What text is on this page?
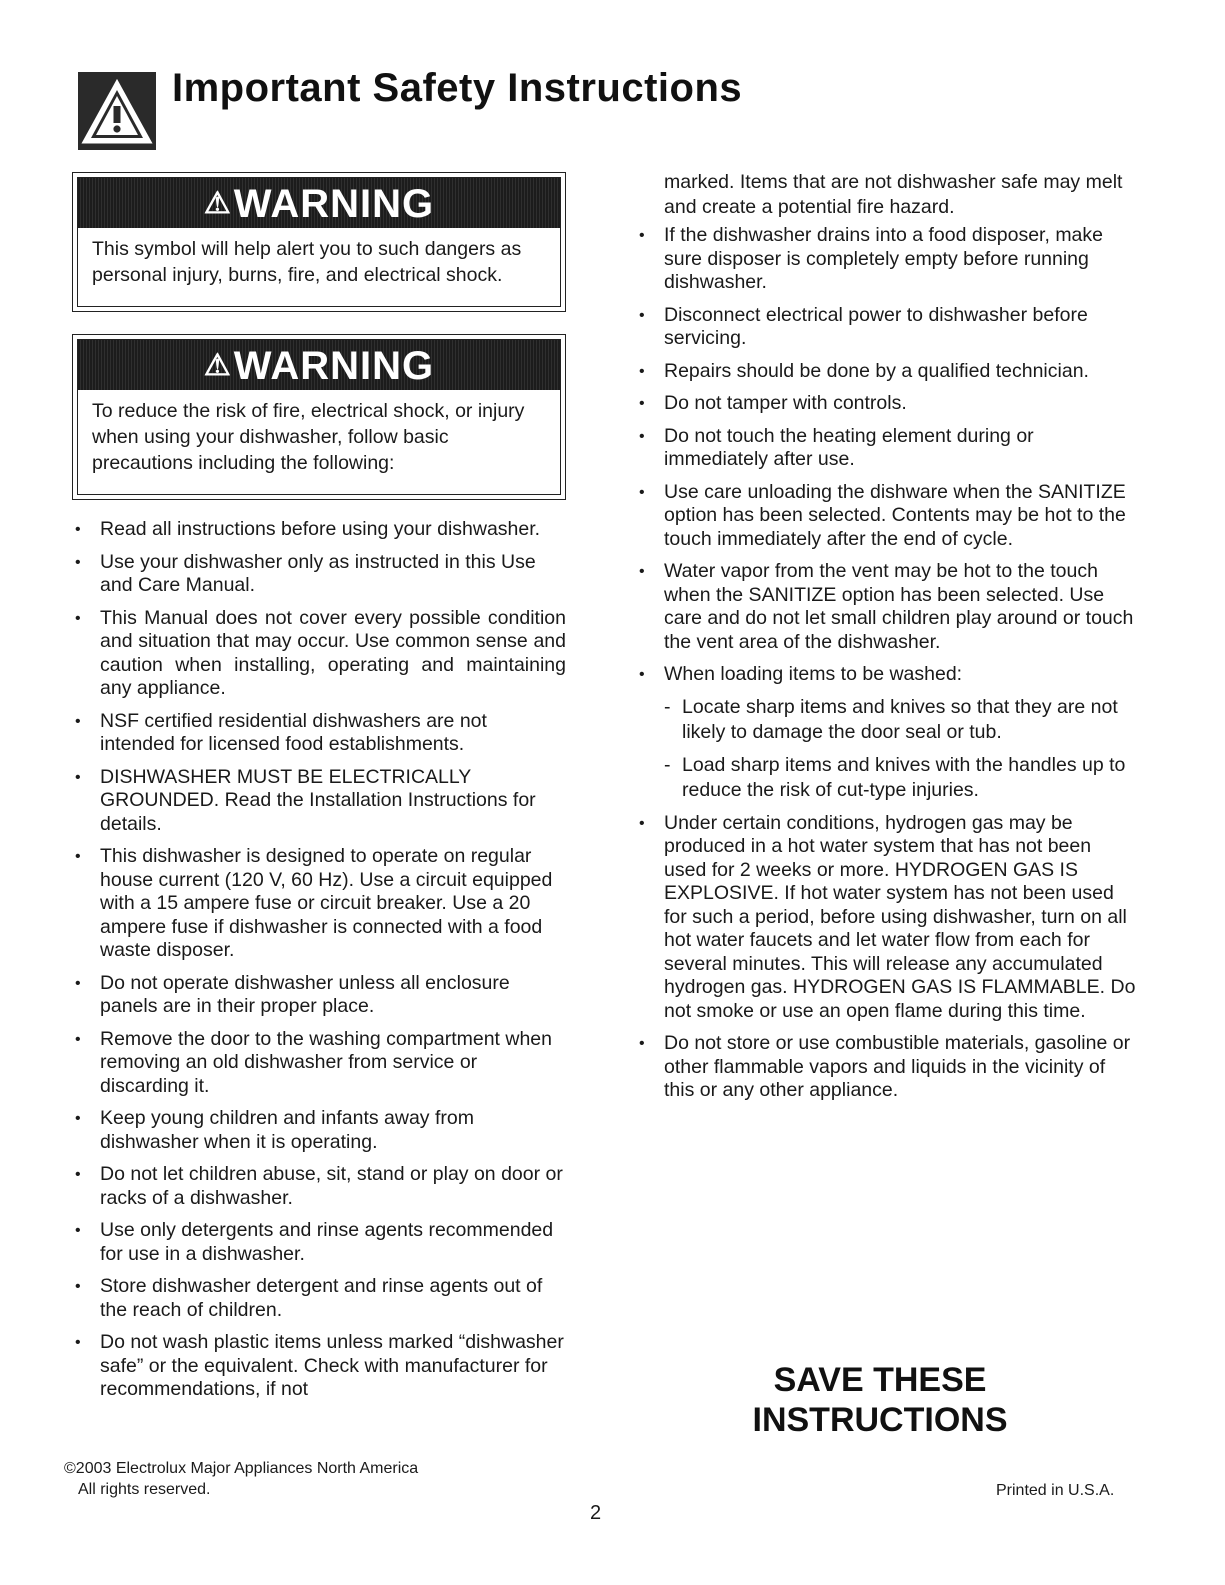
Important Safety Instructions
⚠WARNING
This symbol will help alert you to such dangers as personal injury, burns, fire, and electrical shock.
⚠WARNING
To reduce the risk of fire, electrical shock, or injury when using your dishwasher, follow basic precautions including the following:
• Read all instructions before using your dishwasher.
• Use your dishwasher only as instructed in this Use and Care Manual.
• This Manual does not cover every possible condition and situation that may occur. Use common sense and caution when installing, operating and maintaining any appliance.
• NSF certified residential dishwashers are not intended for licensed food establishments.
• DISHWASHER MUST BE ELECTRICALLY GROUNDED. Read the Installation Instructions for details.
• This dishwasher is designed to operate on regular house current (120 V, 60 Hz). Use a circuit equipped with a 15 ampere fuse or circuit breaker. Use a 20 ampere fuse if dishwasher is connected with a food waste disposer.
• Do not operate dishwasher unless all enclosure panels are in their proper place.
• Remove the door to the washing compartment when removing an old dishwasher from service or discarding it.
• Keep young children and infants away from dishwasher when it is operating.
• Do not let children abuse, sit, stand or play on door or racks of a dishwasher.
• Use only detergents and rinse agents recommended for use in a dishwasher.
• Store dishwasher detergent and rinse agents out of the reach of children.
• Do not wash plastic items unless marked “dishwasher safe” or the equivalent. Check with manufacturer for recommendations, if not
marked. Items that are not dishwasher safe may melt and create a potential fire hazard.
• If the dishwasher drains into a food disposer, make sure disposer is completely empty before running dishwasher.
• Disconnect electrical power to dishwasher before servicing.
• Repairs should be done by a qualified technician.
• Do not tamper with controls.
• Do not touch the heating element during or immediately after use.
• Use care unloading the dishware when the SANITIZE option has been selected. Contents may be hot to the touch immediately after the end of cycle.
• Water vapor from the vent may be hot to the touch when the SANITIZE option has been selected. Use care and do not let small children play around or touch the vent area of the dishwasher.
• When loading items to be washed:
- Locate sharp items and knives so that they are not likely to damage the door seal or tub.
- Load sharp items and knives with the handles up to reduce the risk of cut-type injuries.
• Under certain conditions, hydrogen gas may be produced in a hot water system that has not been used for 2 weeks or more. HYDROGEN GAS IS EXPLOSIVE. If hot water system has not been used for such a period, before using dishwasher, turn on all hot water faucets and let water flow from each for several minutes. This will release any accumulated hydrogen gas. HYDROGEN GAS IS FLAMMABLE. Do not smoke or use an open flame during this time.
• Do not store or use combustible materials, gasoline or other flammable vapors and liquids in the vicinity of this or any other appliance.
SAVE THESE
INSTRUCTIONS
©2003 Electrolux Major Appliances North America
All rights reserved.	Printed in U.S.A.
2
